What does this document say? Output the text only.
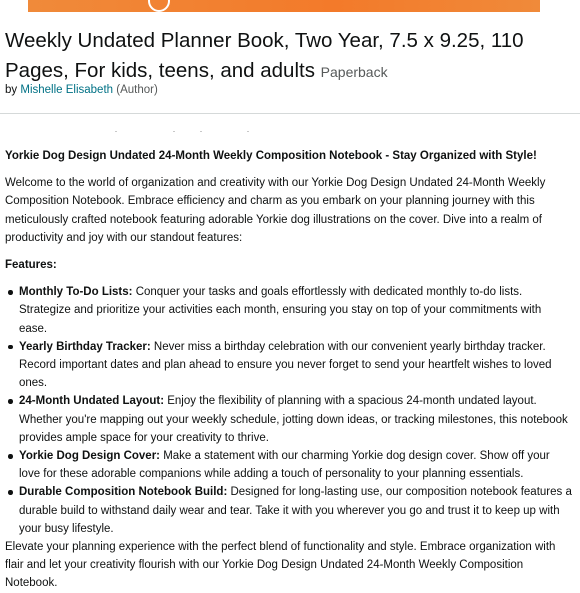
Weekly Undated Planner Book, Two Year, 7.5 x 9.25, 110 Pages, For kids, teens, and adults Paperback
by Mishelle Elisabeth (Author)

Yorkie Dog Design Undated 24-Month Weekly Composition Notebook - Stay Organized with Style!

Welcome to the world of organization and creativity with our Yorkie Dog Design Undated 24-Month Weekly Composition Notebook. Embrace efficiency and charm as you embark on your planning journey with this meticulously crafted notebook featuring adorable Yorkie dog illustrations on the cover. Dive into a realm of productivity and joy with our standout features:

Features:

Monthly To-Do Lists: Conquer your tasks and goals effortlessly with dedicated monthly to-do lists. Strategize and prioritize your activities each month, ensuring you stay on top of your commitments with ease.
Yearly Birthday Tracker: Never miss a birthday celebration with our convenient yearly birthday tracker. Record important dates and plan ahead to ensure you never forget to send your heartfelt wishes to loved ones.
24-Month Undated Layout: Enjoy the flexibility of planning with a spacious 24-month undated layout. Whether you're mapping out your weekly schedule, jotting down ideas, or tracking milestones, this notebook provides ample space for your creativity to thrive.
Yorkie Dog Design Cover: Make a statement with our charming Yorkie dog design cover. Show off your love for these adorable companions while adding a touch of personality to your planning essentials.
Durable Composition Notebook Build: Designed for long-lasting use, our composition notebook features a durable build to withstand daily wear and tear. Take it with you wherever you go and trust it to keep up with your busy lifestyle.

Elevate your planning experience with the perfect blend of functionality and style. Embrace organization with flair and let your creativity flourish with our Yorkie Dog Design Undated 24-Month Weekly Composition Notebook.
